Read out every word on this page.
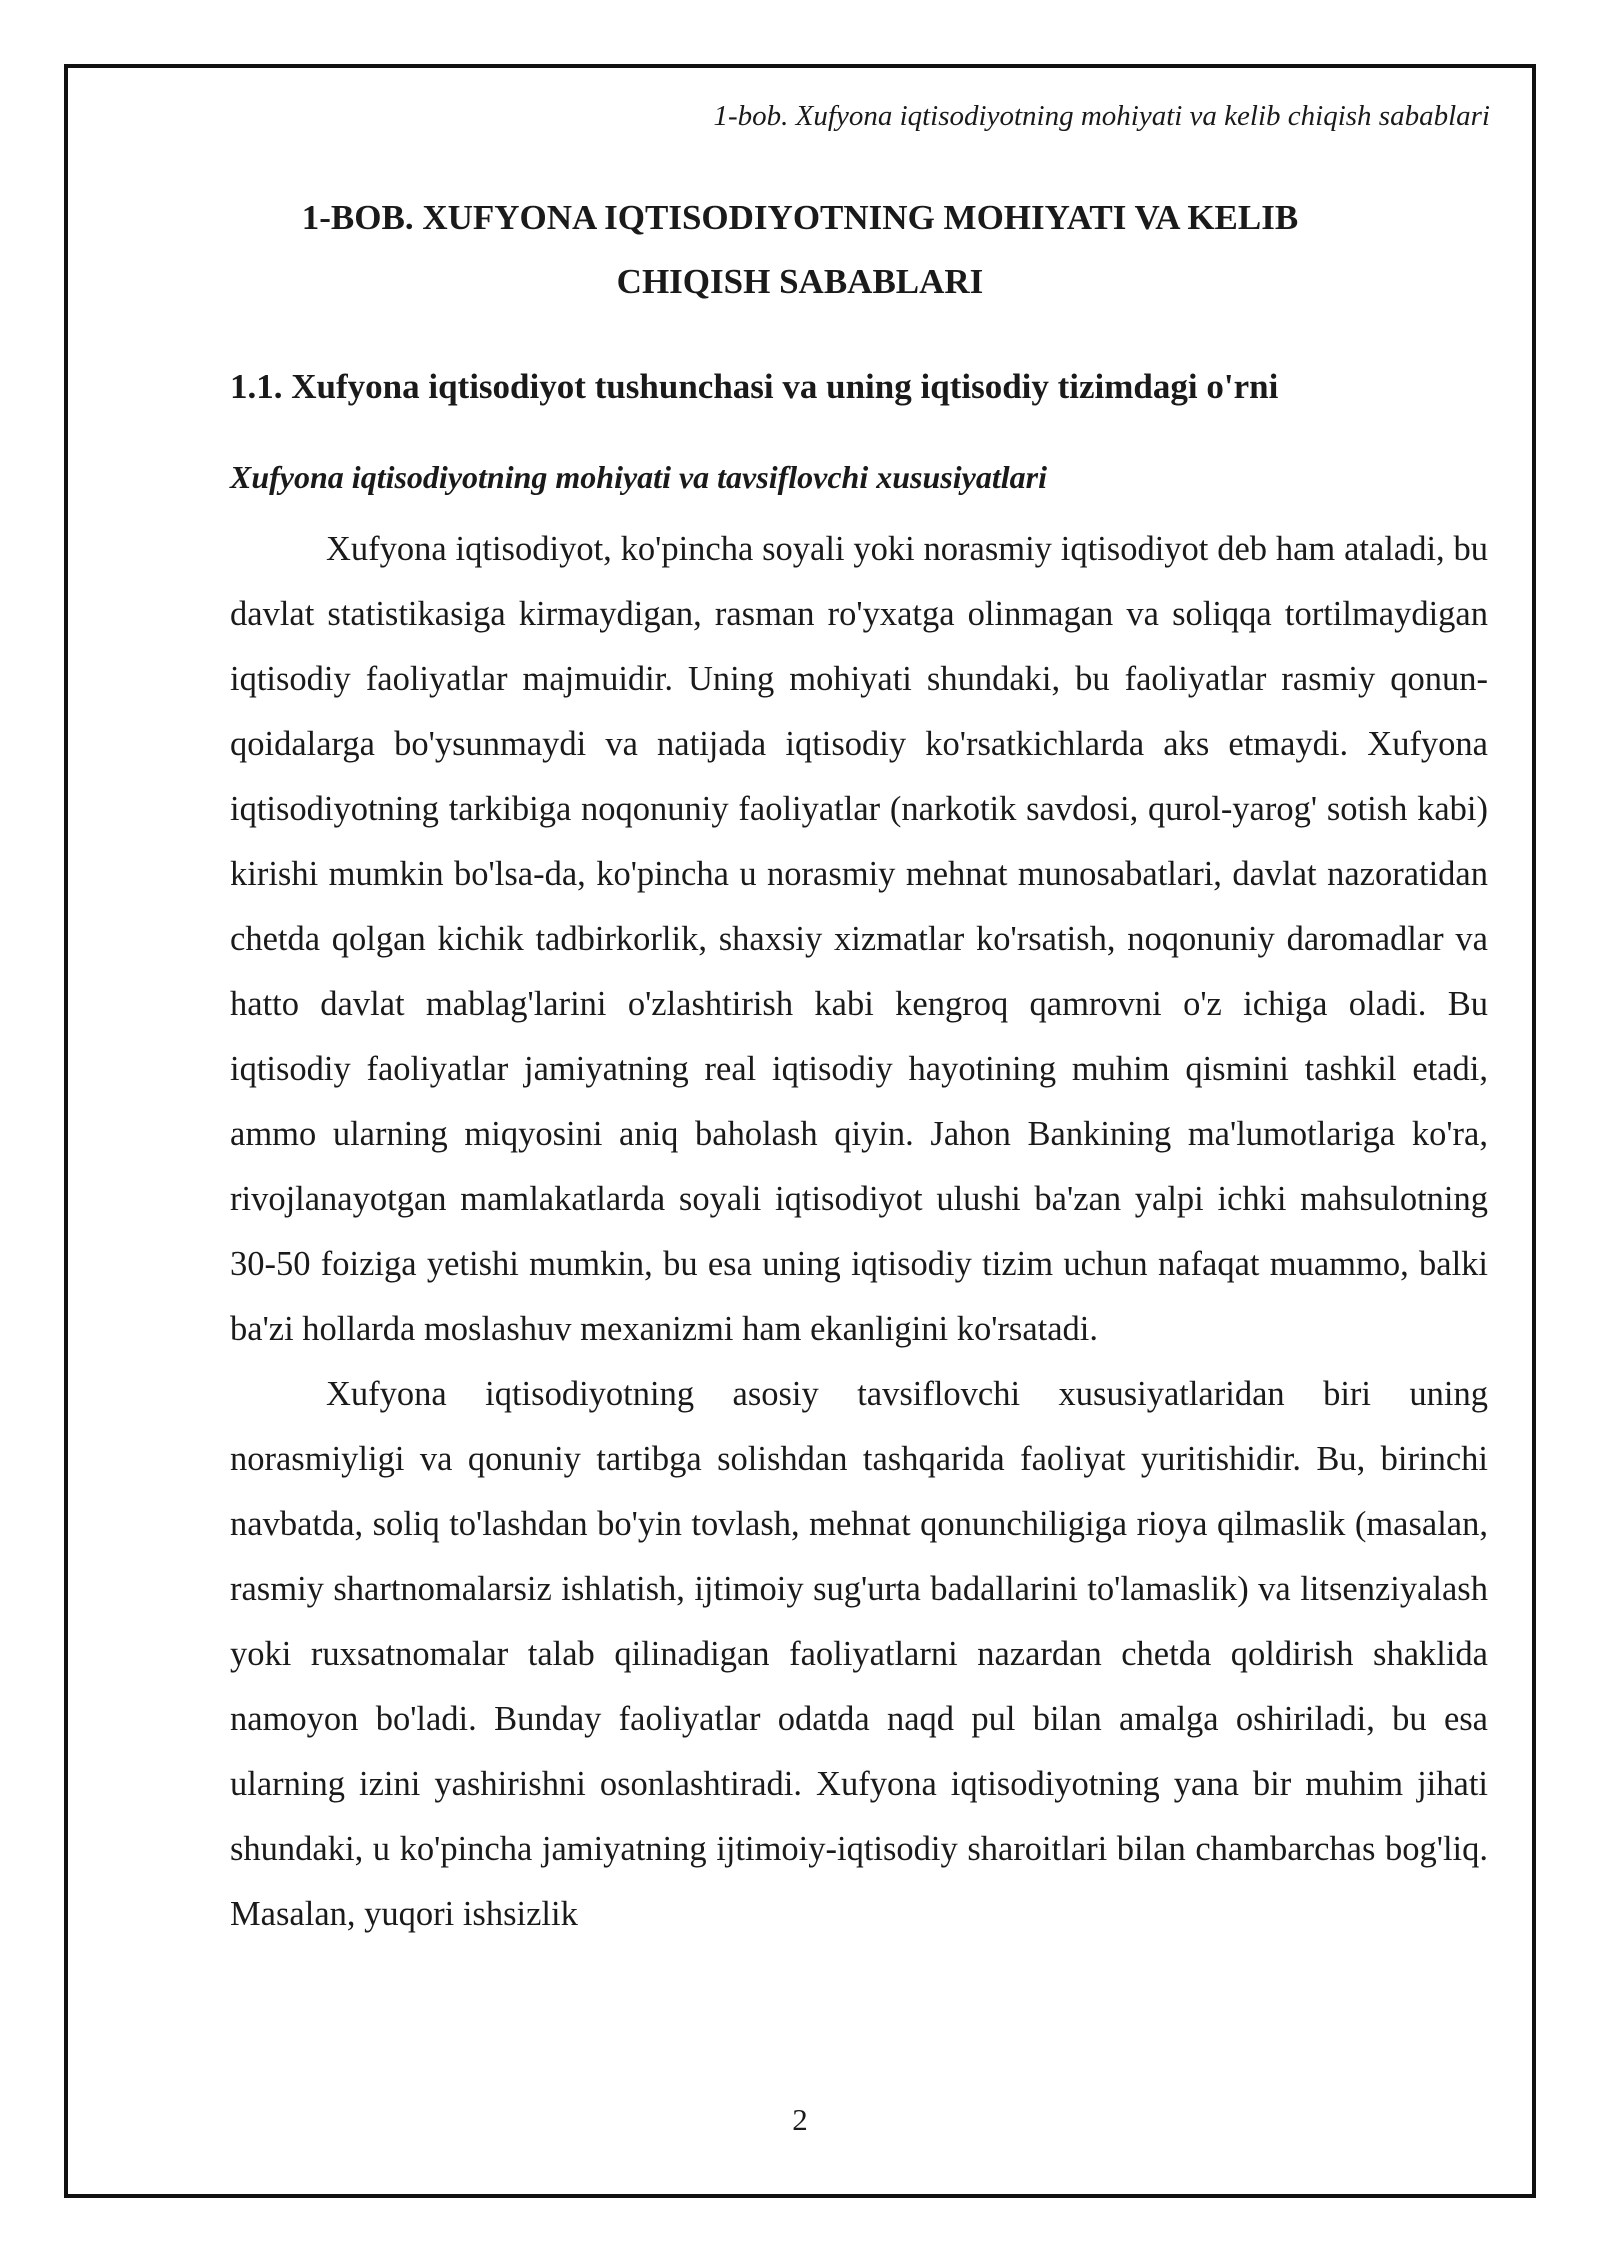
1-bob. Xufyona iqtisodiyotning mohiyati va kelib chiqish sabablari
1-BOB. XUFYONA IQTISODIYOTNING MOHIYATI VA KELIB
CHIQISH SABABLARI
1.1. Xufyona iqtisodiyot tushunchasi va uning iqtisodiy tizimdagi o'rni
Xufyona iqtisodiyotning mohiyati va tavsiflovchi xususiyatlari

Xufyona iqtisodiyot, ko'pincha soyali yoki norasmiy iqtisodiyot deb ham ataladi, bu davlat statistikasiga kirmaydigan, rasman ro'yxatga olinmagan va soliqqa tortilmaydigan iqtisodiy faoliyatlar majmuidir. Uning mohiyati shundaki, bu faoliyatlar rasmiy qonun-qoidalarga bo'ysunmaydi va natijada iqtisodiy ko'rsatkichlarda aks etmaydi. Xufyona iqtisodiyotning tarkibiga noqonuniy faoliyatlar (narkotik savdosi, qurol-yarog' sotish kabi) kirishi mumkin bo'lsa-da, ko'pincha u norasmiy mehnat munosabatlari, davlat nazoratidan chetda qolgan kichik tadbirkorlik, shaxsiy xizmatlar ko'rsatish, noqonuniy daromadlar va hatto davlat mablag'larini o'zlashtirish kabi kengroq qamrovni o'z ichiga oladi. Bu iqtisodiy faoliyatlar jamiyatning real iqtisodiy hayotining muhim qismini tashkil etadi, ammo ularning miqyosini aniq baholash qiyin. Jahon Bankining ma'lumotlariga ko'ra, rivojlanayotgan mamlakatlarda soyali iqtisodiyot ulushi ba'zan yalpi ichki mahsulotning 30-50 foiziga yetishi mumkin, bu esa uning iqtisodiy tizim uchun nafaqat muammo, balki ba'zi hollarda moslashuv mexanizmi ham ekanligini ko'rsatadi.

Xufyona iqtisodiyotning asosiy tavsiflovchi xususiyatlaridan biri uning norasmiyligi va qonuniy tartibga solishdan tashqarida faoliyat yuritishidir. Bu, birinchi navbatda, soliq to'lashdan bo'yin tovlash, mehnat qonunchiligiga rioya qilmaslik (masalan, rasmiy shartnomalarsiz ishlatish, ijtimoiy sug'urta badallarini to'lamaslik) va litsenziyalash yoki ruxsatnomalar talab qilinadigan faoliyatlarni nazardan chetda qoldirish shaklida namoyon bo'ladi. Bunday faoliyatlar odatda naqd pul bilan amalga oshiriladi, bu esa ularning izini yashirishni osonlashtiradi. Xufyona iqtisodiyotning yana bir muhim jihati shundaki, u ko'pincha jamiyatning ijtimoiy-iqtisodiy sharoitlari bilan chambarchas bog'liq. Masalan, yuqori ishsizlik

2
